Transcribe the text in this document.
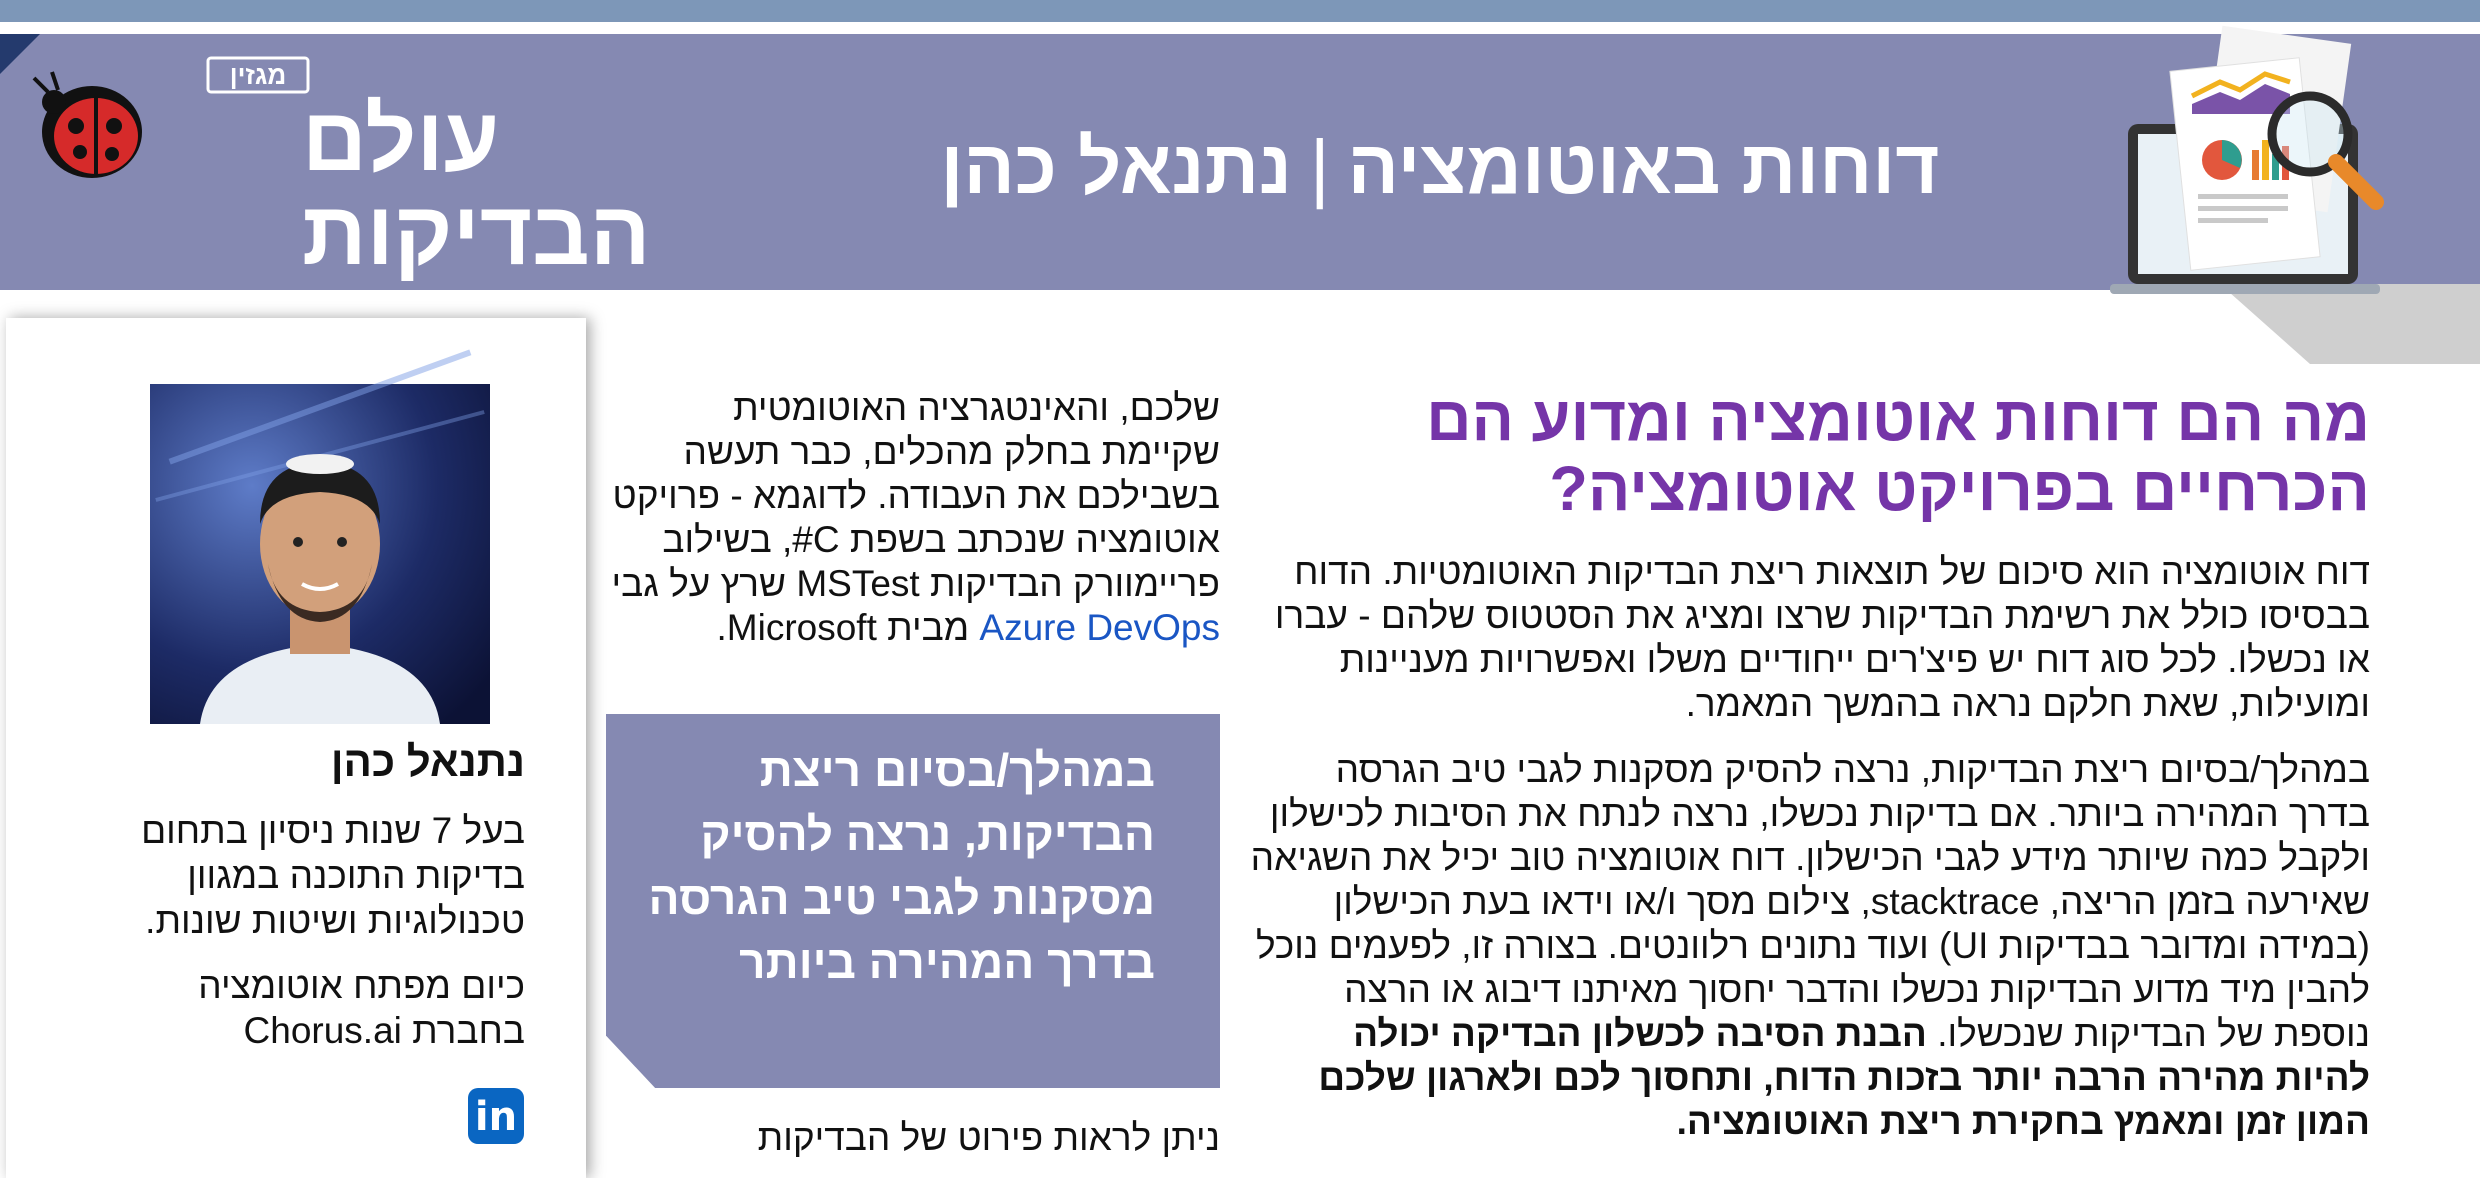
דוחות באוטומציה|נתנאל כהן
מגזין
עולם
הבדיקות
נתנאל כהן
בעל 7 שנות ניסיון בתחום בדיקות התוכנה במגוון טכנולוגיות ושיטות שונות.
כיום מפתח אוטומציה
בחברת Chorus.ai
in
שלכם, והאינטגרציה האוטומטית שקיימת בחלק מהכלים, כבר תעשה בשבילכם את העבודה. לדוגמא - פרויקט אוטומציה שנכתב בשפת C#, בשילוב פריימוורק הבדיקות MSTest שרץ על גבי Azure DevOps מבית Microsoft.
במהלך/בסיום ריצת הבדיקות, נרצה להסיק מסקנות לגבי טיב הגרסה בדרך המהירה ביותר
ניתן לראות פירוט של הבדיקות
מה הם דוחות אוטומציה ומדוע הם הכרחיים בפרויקט אוטומציה?
דוח אוטומציה הוא סיכום של תוצאות ריצת הבדיקות האוטומטיות. הדוח בבסיסו כולל את רשימת הבדיקות שרצו ומציג את הסטטוס שלהם - עברו או נכשלו. לכל סוג דוח יש פיצ'רים ייחודיים משלו ואפשרויות מעניינות ומועילות, שאת חלקם נראה בהמשך המאמר.
במהלך/בסיום ריצת הבדיקות, נרצה להסיק מסקנות לגבי טיב הגרסה בדרך המהירה ביותר. אם בדיקות נכשלו, נרצה לנתח את הסיבות לכישלון ולקבל כמה שיותר מידע לגבי הכישלון. דוח אוטומציה טוב יכיל את השגיאה שאירעה בזמן הריצה, stacktrace, צילום מסך ו/או וידאו בעת הכישלון (במידה ומדובר בבדיקות UI) ועוד נתונים רלוונטים. בצורה זו, לפעמים נוכל להבין מיד מדוע הבדיקות נכשלו והדבר יחסוך מאיתנו דיבוג או הרצה נוספת של הבדיקות שנכשלו. הבנת הסיבה לכשלון הבדיקה יכולה להיות מהירה הרבה יותר בזכות הדוח, ותחסוך לכם ולארגון שלכם המון זמן ומאמץ בחקירת ריצת האוטומציה.
